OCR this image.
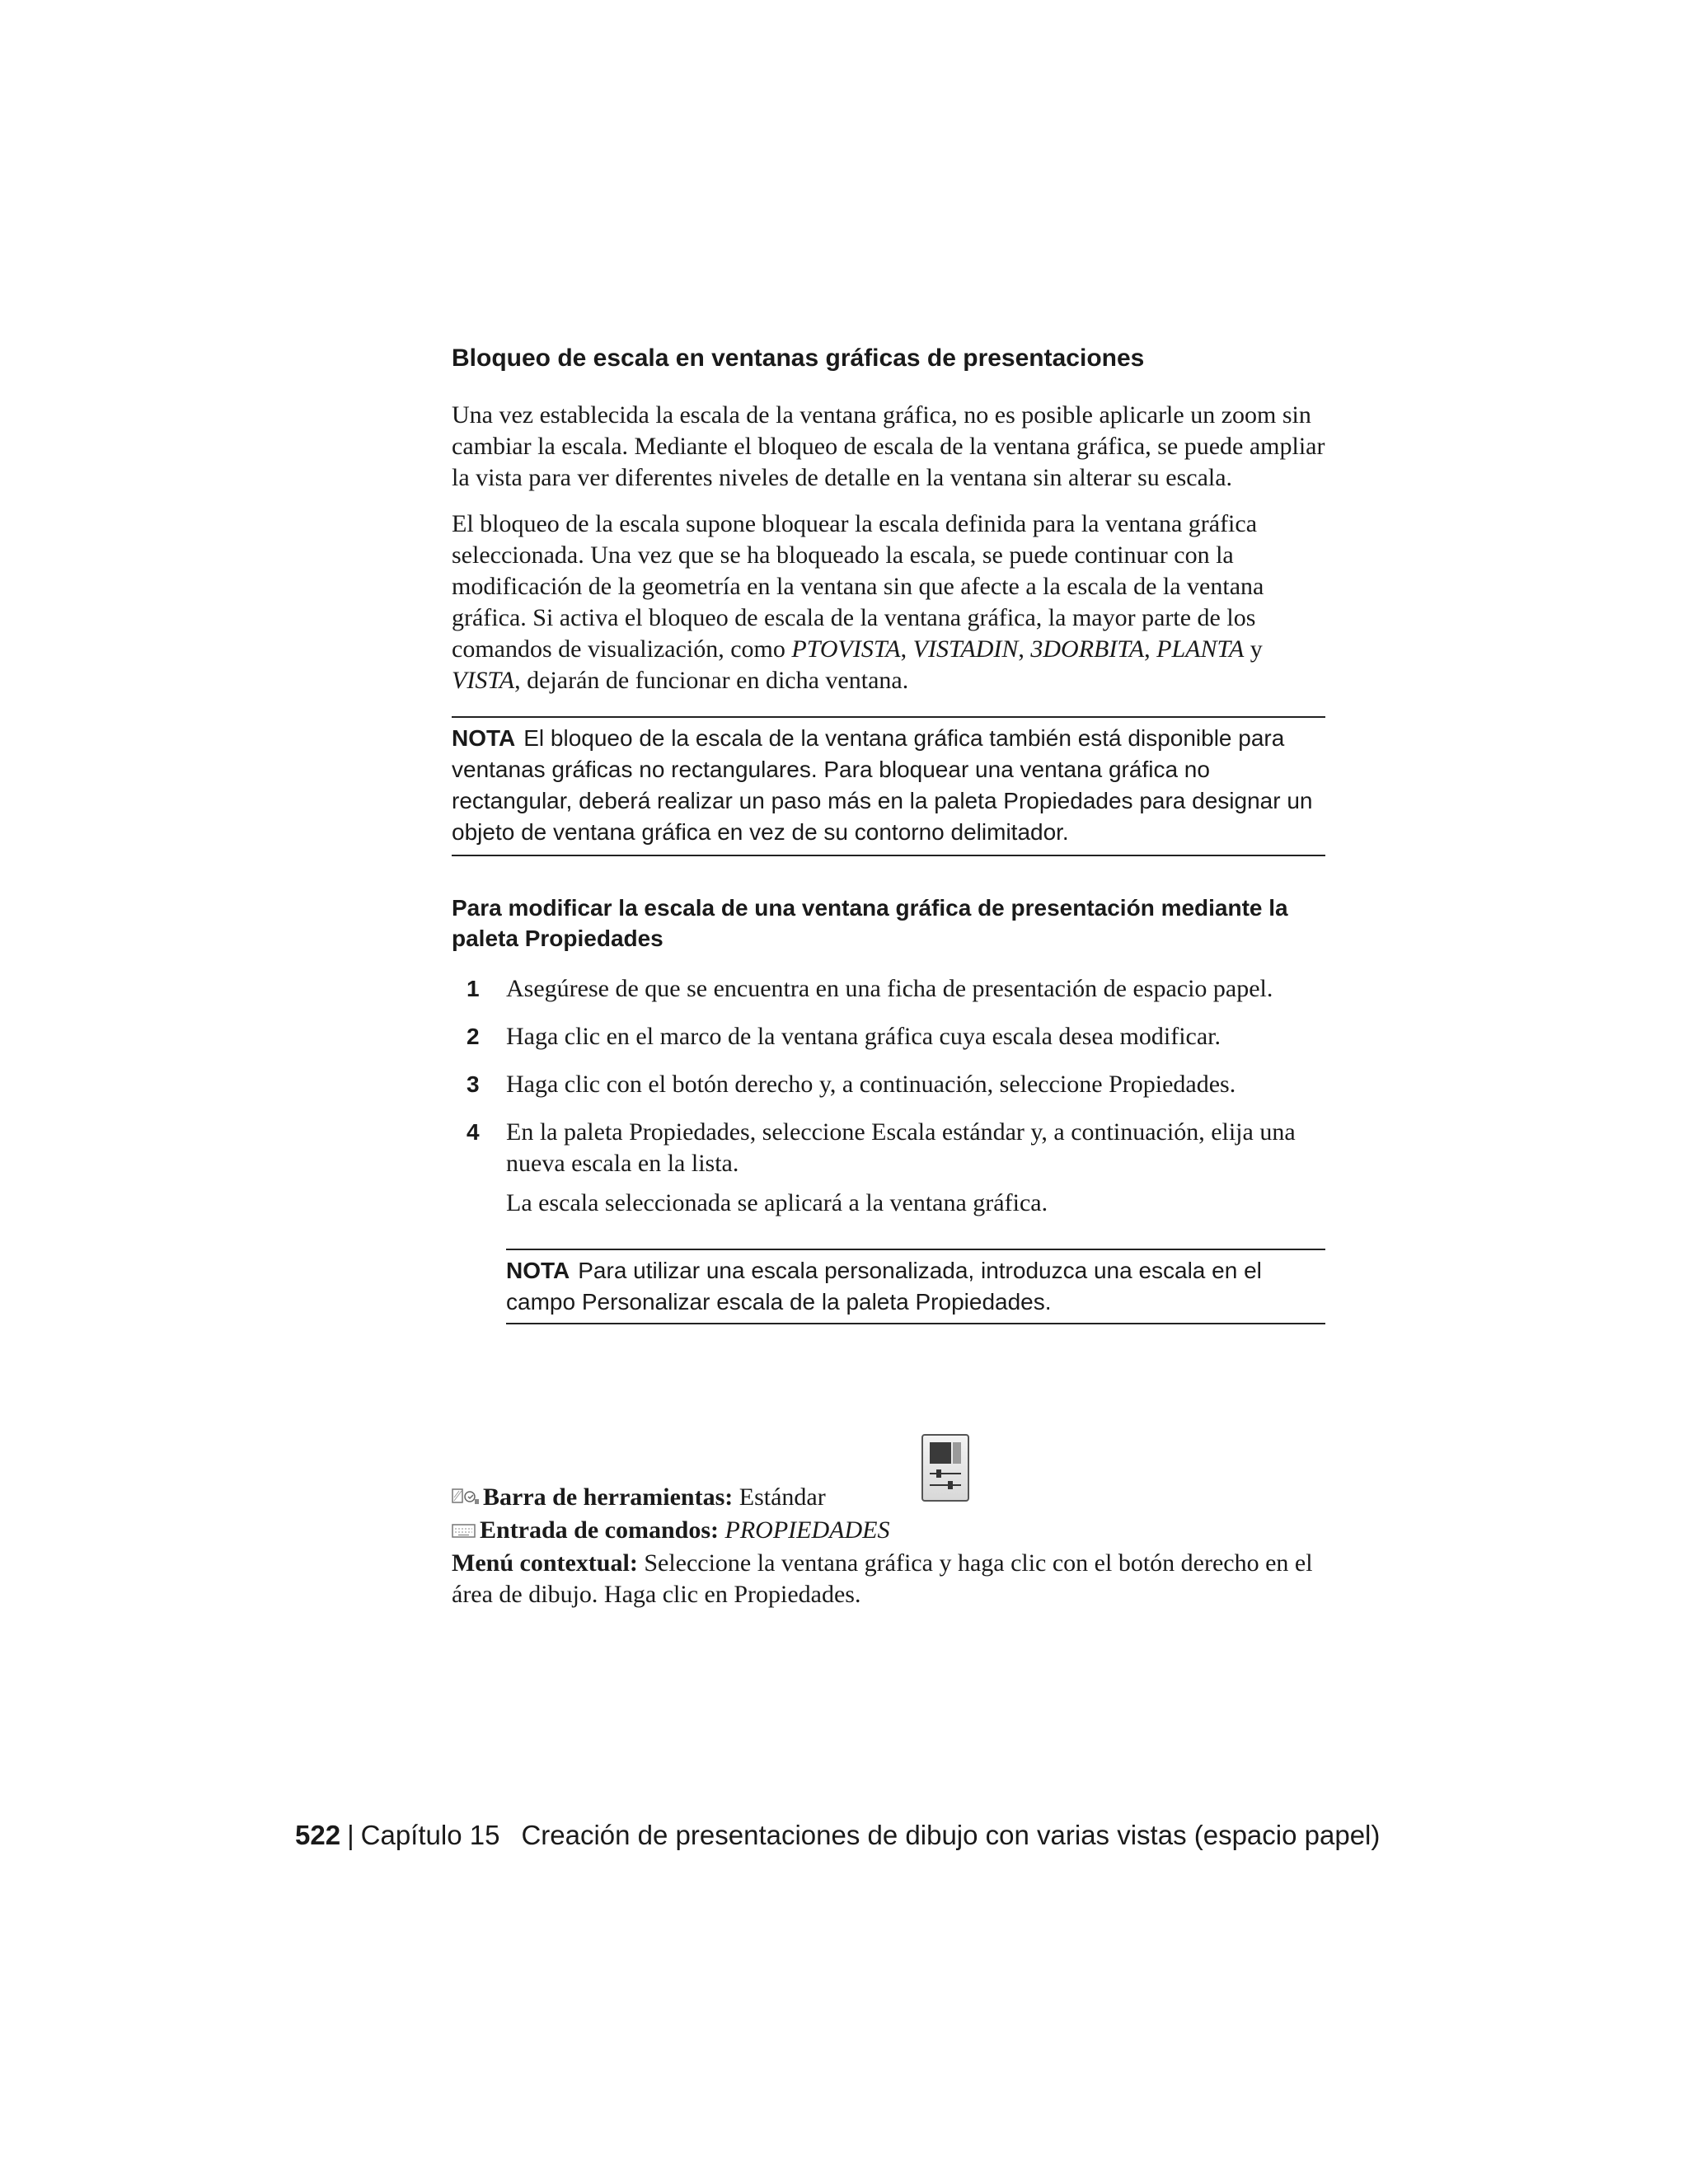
Bloqueo de escala en ventanas gráficas de presentaciones

Una vez establecida la escala de la ventana gráfica, no es posible aplicarle un zoom sin cambiar la escala. Mediante el bloqueo de escala de la ventana gráfica, se puede ampliar la vista para ver diferentes niveles de detalle en la ventana sin alterar su escala.

El bloqueo de la escala supone bloquear la escala definida para la ventana gráfica seleccionada. Una vez que se ha bloqueado la escala, se puede continuar con la modificación de la geometría en la ventana sin que afecte a la escala de la ventana gráfica. Si activa el bloqueo de escala de la ventana gráfica, la mayor parte de los comandos de visualización, como PTOVISTA, VISTADIN, 3DORBITA, PLANTA y VISTA, dejarán de funcionar en dicha ventana.

NOTA El bloqueo de la escala de la ventana gráfica también está disponible para ventanas gráficas no rectangulares. Para bloquear una ventana gráfica no rectangular, deberá realizar un paso más en la paleta Propiedades para designar un objeto de ventana gráfica en vez de su contorno delimitador.
Para modificar la escala de una ventana gráfica de presentación mediante la paleta Propiedades
1 Asegúrese de que se encuentra en una ficha de presentación de espacio papel.
2 Haga clic en el marco de la ventana gráfica cuya escala desea modificar.
3 Haga clic con el botón derecho y, a continuación, seleccione Propiedades.
4 En la paleta Propiedades, seleccione Escala estándar y, a continuación, elija una nueva escala en la lista.
La escala seleccionada se aplicará a la ventana gráfica.
NOTA Para utilizar una escala personalizada, introduzca una escala en el campo Personalizar escala de la paleta Propiedades.
Barra de herramientas: Estándar
Entrada de comandos: PROPIEDADES
Menú contextual: Seleccione la ventana gráfica y haga clic con el botón derecho en el área de dibujo. Haga clic en Propiedades.
522 | Capítulo 15 Creación de presentaciones de dibujo con varias vistas (espacio papel)
